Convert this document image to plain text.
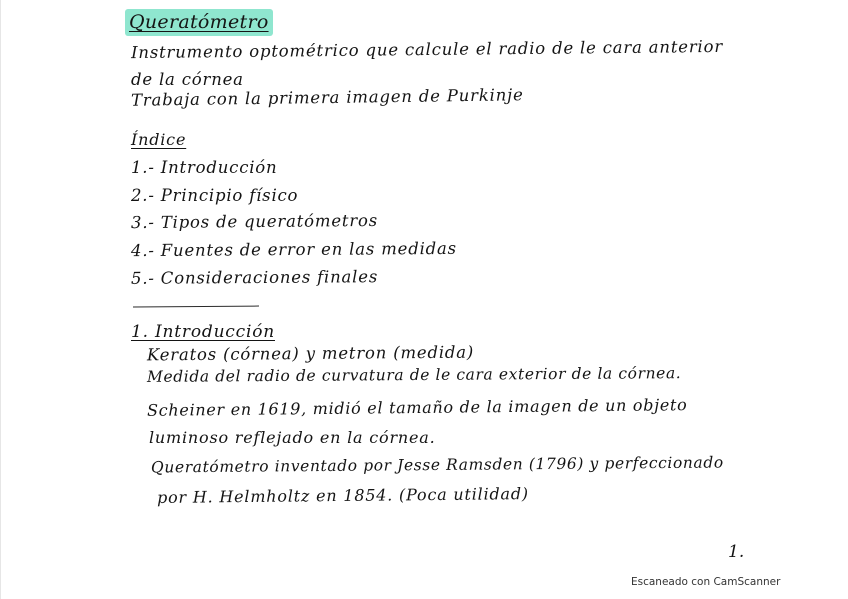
Queratómetro
Instrumento optométrico que calcule el radio de le cara anterior
de la córnea
Trabaja con la primera imagen de Purkinje
Índice
1.- Introducción
2.- Principio físico
3.- Tipos de queratómetros
4.- Fuentes de error en las medidas
5.- Consideraciones finales
1. Introducción
Keratos (córnea) y metron (medida)
Medida del radio de curvatura de le cara exterior de la córnea.
Scheiner en 1619, midió el tamaño de la imagen de un objeto
luminoso reflejado en la córnea.
Queratómetro inventado por Jesse Ramsden (1796) y perfeccionado
por H. Helmholtz en 1854. (Poca utilidad)
1.
Escaneado con CamScanner
